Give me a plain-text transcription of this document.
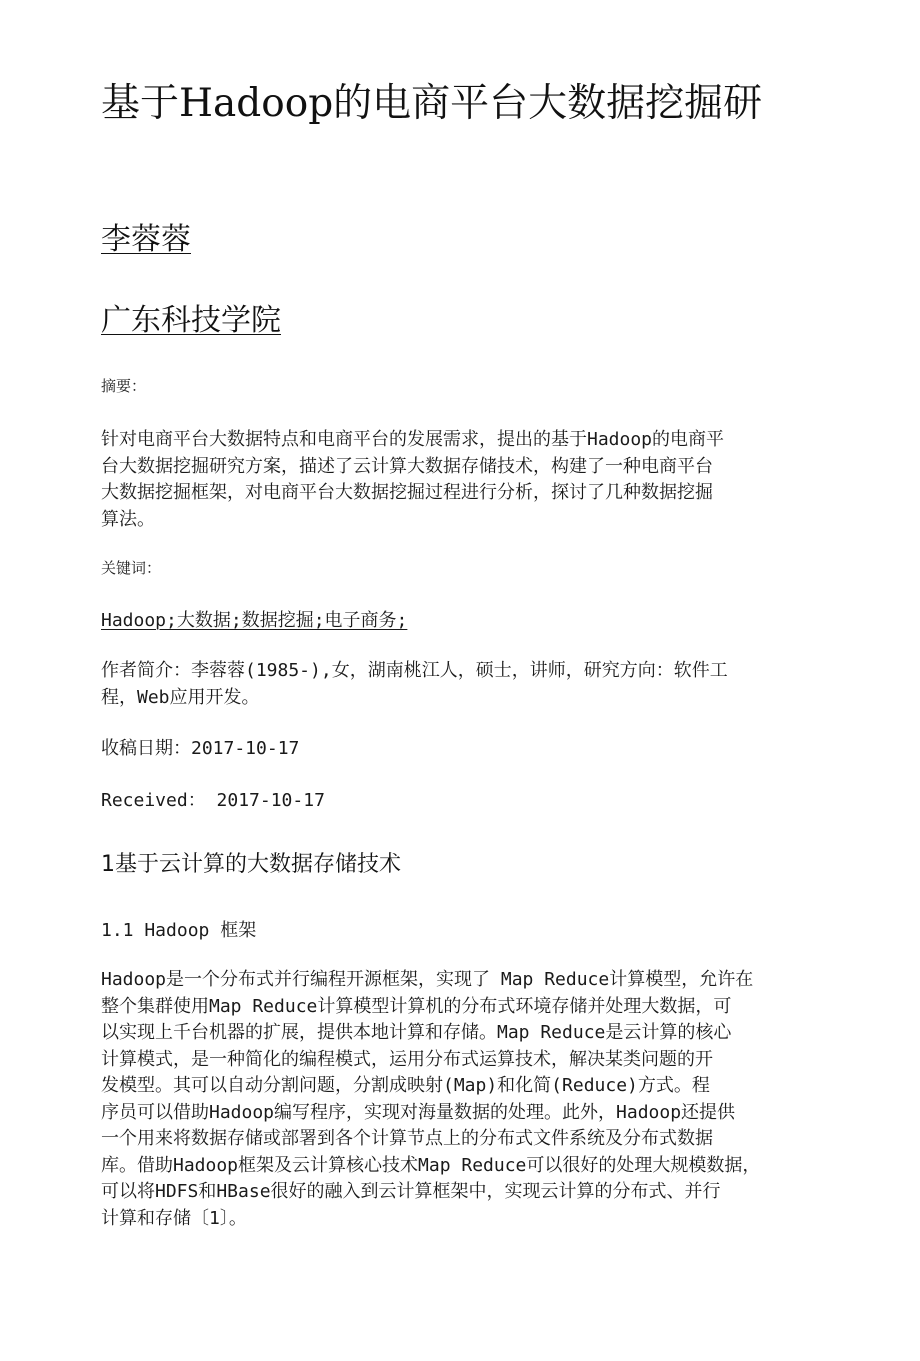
基于Hadoop的电商平台大数据挖掘研

李蓉蓉

广东科技学院

摘要：

针对电商平台大数据特点和电商平台的发展需求，提出的基于Hadoop的电商平
台大数据挖掘研究方案，描述了云计算大数据存储技术，构建了一种电商平台
大数据挖掘框架，对电商平台大数据挖掘过程进行分析，探讨了几种数据挖掘
算法。

关键词：

Hadoop;大数据;数据挖掘;电子商务;

作者简介：李蓉蓉(1985-),女，湖南桃江人，硕士，讲师，研究方向：软件工
程，Web应用开发。

收稿日期：2017-10-17

Received： 2017-10-17

1基于云计算的大数据存储技术
1.1 Hadoop 框架

Hadoop是一个分布式并行编程开源框架，实现了 Map Reduce计算模型，允许在
整个集群使用Map Reduce计算模型计算机的分布式环境存储并处理大数据，可
以实现上千台机器的扩展，提供本地计算和存储。Map Reduce是云计算的核心
计算模式，是一种简化的编程模式，运用分布式运算技术，解决某类问题的开
发模型。其可以自动分割问题，分割成映射(Map)和化简(Reduce)方式。程
序员可以借助Hadoop编写程序，实现对海量数据的处理。此外，Hadoop还提供
一个用来将数据存储或部署到各个计算节点上的分布式文件系统及分布式数据
库。借助Hadoop框架及云计算核心技术Map Reduce可以很好的处理大规模数据，
可以将HDFS和HBase很好的融入到云计算框架中，实现云计算的分布式、并行
计算和存储〔1〕。
